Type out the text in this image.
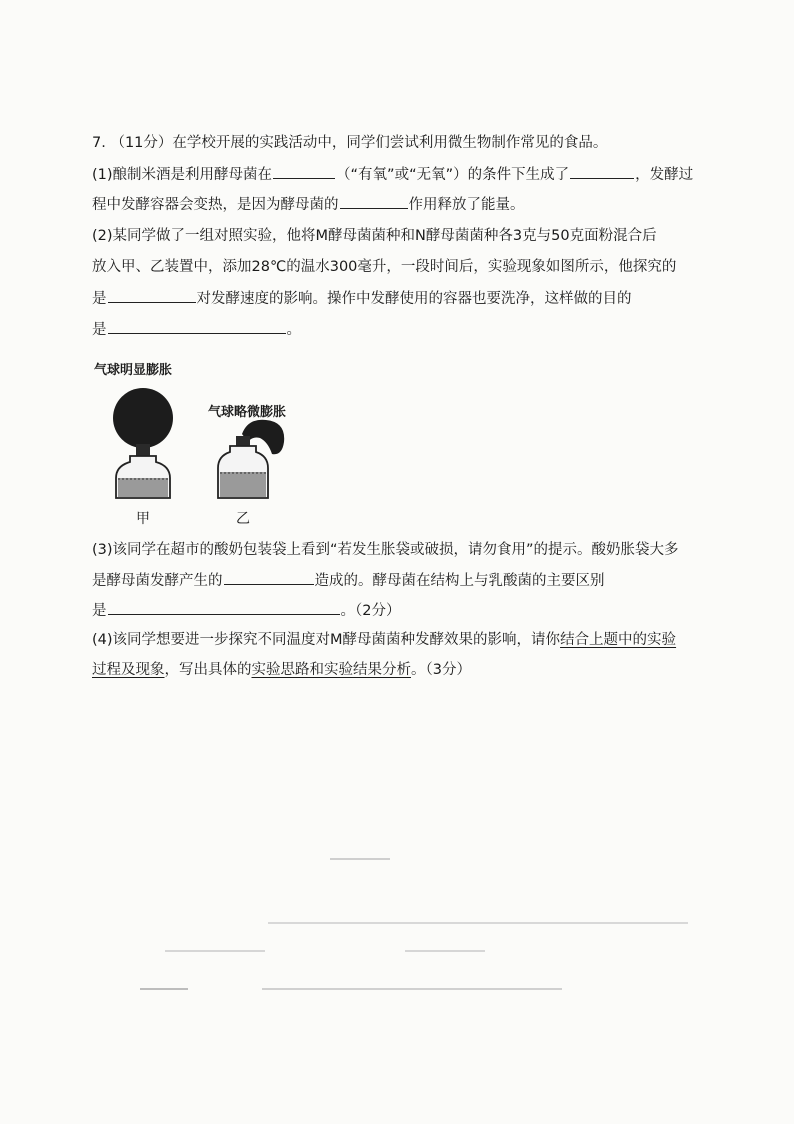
7. （11分）在学校开展的实践活动中，同学们尝试利用微生物制作常见的食品。
(1)酿制米酒是利用酵母菌在	（“有氧”或“无氧”）的条件下生成了	，发酵过
程中发酵容器会变热，是因为酵母菌的	作用释放了能量。
(2)某同学做了一组对照实验，他将M酵母菌菌种和N酵母菌菌种各3克与50克面粉混合后
放入甲、乙装置中，添加28℃的温水300毫升，一段时间后，实验现象如图所示，他探究的
是	对发酵速度的影响。操作中发酵使用的容器也要洗净，这样做的目的
是	。
气球明显膨胀
气球略微膨胀
甲	乙
(3)该同学在超市的酸奶包装袋上看到“若发生胀袋或破损，请勿食用”的提示。酸奶胀袋大多
是酵母菌发酵产生的	造成的。酵母菌在结构上与乳酸菌的主要区别
是	。（2分）
(4)该同学想要进一步探究不同温度对M酵母菌菌种发酵效果的影响，请你结合上题中的实验
过程及现象，写出具体的实验思路和实验结果分析。（3分）
